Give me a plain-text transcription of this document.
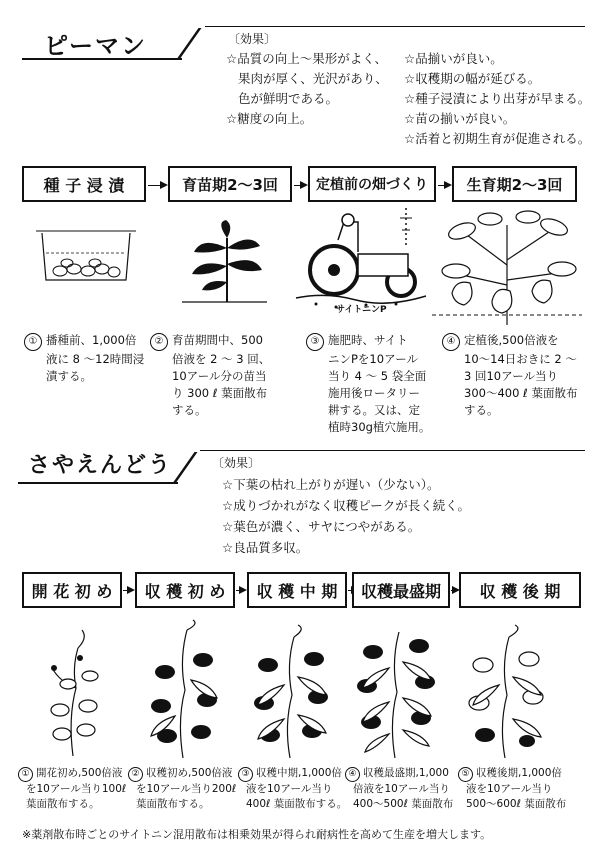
ピーマン	〔効果〕
☆品質の向上～果形がよく、
果肉が厚く、光沢があり、
色が鮮明である。
☆糖度の向上。
☆品揃いが良い。
☆収穫期の幅が延びる。
☆種子浸漬により出芽が早まる。
☆苗の揃いが良い。
☆活着と初期生育が促進される。
種 子 浸 漬	育苗期2～3回	定植前の畑づくり	生育期2～3回
サイトニンP
① 播種前、1,000倍
液に 8 ～12時間浸
漬する。
② 育苗期間中、500
倍液を 2 ～ 3 回、
10アール分の苗当
り 300 ℓ 葉面散布
する。
③ 施肥時、サイト
ニンPを10アール
当り 4 ～ 5 袋全面
施用後ロータリー
耕する。又は、定
植時30g植穴施用。
④ 定植後,500倍液を
10～14日おきに 2 ～
3 回10アール当り
300～400 ℓ 葉面散布
する。
さやえんどう	〔効果〕
☆下葉の枯れ上がりが遅い（少ない）。
☆成りづかれがなく収穫ピークが長く続く。
☆葉色が濃く、サヤにつやがある。
☆良品質多収。
開 花 初 め	収 穫 初 め	収 穫 中 期	収穫最盛期	収 穫 後 期
① 開花初め,500倍液
を10アール当り100ℓ
葉面散布する。
② 収穫初め,500倍液
を10アール当り200ℓ
葉面散布する。
③ 収穫中期,1,000倍
液を10アール当り
400ℓ 葉面散布する。
④ 収穫最盛期,1,000
倍液を10アール当り
400～500ℓ 葉面散布
⑤ 収穫後期,1,000倍
液を10アール当り
500～600ℓ 葉面散布
※薬剤散布時ごとのサイトニン混用散布は相乗効果が得られ耐病性を高めて生産を増大します。
